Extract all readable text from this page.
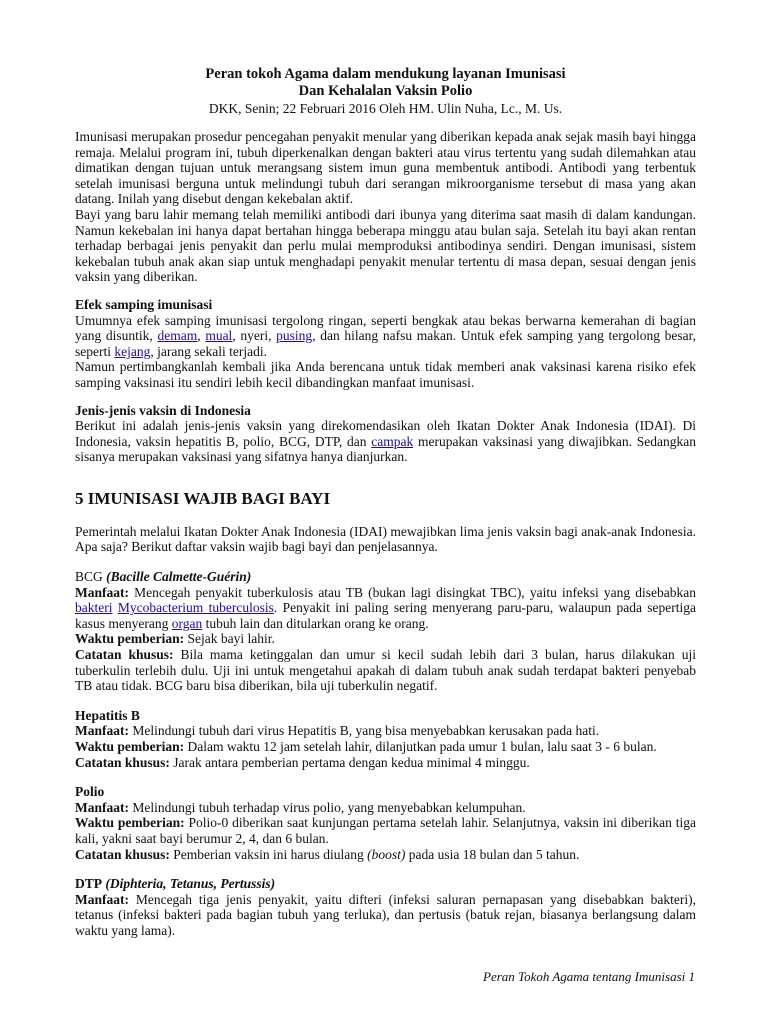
Peran tokoh Agama dalam mendukung layanan Imunisasi
Dan Kehalalan Vaksin Polio
DKK, Senin; 22 Februari 2016 Oleh HM. Ulin Nuha, Lc., M. Us.

Imunisasi merupakan prosedur pencegahan penyakit menular yang diberikan kepada anak sejak masih bayi hingga remaja. Melalui program ini, tubuh diperkenalkan dengan bakteri atau virus tertentu yang sudah dilemahkan atau dimatikan dengan tujuan untuk merangsang sistem imun guna membentuk antibodi. Antibodi yang terbentuk setelah imunisasi berguna untuk melindungi tubuh dari serangan mikroorganisme tersebut di masa yang akan datang. Inilah yang disebut dengan kekebalan aktif.

Bayi yang baru lahir memang telah memiliki antibodi dari ibunya yang diterima saat masih di dalam kandungan. Namun kekebalan ini hanya dapat bertahan hingga beberapa minggu atau bulan saja. Setelah itu bayi akan rentan terhadap berbagai jenis penyakit dan perlu mulai memproduksi antibodinya sendiri. Dengan imunisasi, sistem kekebalan tubuh anak akan siap untuk menghadapi penyakit menular tertentu di masa depan, sesuai dengan jenis vaksin yang diberikan.

Efek samping imunisasi

Umumnya efek samping imunisasi tergolong ringan, seperti bengkak atau bekas berwarna kemerahan di bagian yang disuntik, demam, mual, nyeri, pusing, dan hilang nafsu makan. Untuk efek samping yang tergolong besar, seperti kejang, jarang sekali terjadi.

Namun pertimbangkanlah kembali jika Anda berencana untuk tidak memberi anak vaksinasi karena risiko efek samping vaksinasi itu sendiri lebih kecil dibandingkan manfaat imunisasi.

Jenis-jenis vaksin di Indonesia

Berikut ini adalah jenis-jenis vaksin yang direkomendasikan oleh Ikatan Dokter Anak Indonesia (IDAI). Di Indonesia, vaksin hepatitis B, polio, BCG, DTP, dan campak merupakan vaksinasi yang diwajibkan. Sedangkan sisanya merupakan vaksinasi yang sifatnya hanya dianjurkan.

5 IMUNISASI WAJIB BAGI BAYI

Pemerintah melalui Ikatan Dokter Anak Indonesia (IDAI) mewajibkan lima jenis vaksin bagi anak-anak Indonesia. Apa saja? Berikut daftar vaksin wajib bagi bayi dan penjelasannya.

BCG (Bacille Calmette-Guérin)

Manfaat: Mencegah penyakit tuberkulosis atau TB (bukan lagi disingkat TBC), yaitu infeksi yang disebabkan bakteri Mycobacterium tuberculosis. Penyakit ini paling sering menyerang paru-paru, walaupun pada sepertiga kasus menyerang organ tubuh lain dan ditularkan orang ke orang.

Waktu pemberian: Sejak bayi lahir.

Catatan khusus: Bila mama ketinggalan dan umur si kecil sudah lebih dari 3 bulan, harus dilakukan uji tuberkulin terlebih dulu. Uji ini untuk mengetahui apakah di dalam tubuh anak sudah terdapat bakteri penyebab TB atau tidak. BCG baru bisa diberikan, bila uji tuberkulin negatif.

Hepatitis B

Manfaat: Melindungi tubuh dari virus Hepatitis B, yang bisa menyebabkan kerusakan pada hati.

Waktu pemberian: Dalam waktu 12 jam setelah lahir, dilanjutkan pada umur 1 bulan, lalu saat 3 - 6 bulan.

Catatan khusus: Jarak antara pemberian pertama dengan kedua minimal 4 minggu.

Polio

Manfaat: Melindungi tubuh terhadap virus polio, yang menyebabkan kelumpuhan.

Waktu pemberian: Polio-0 diberikan saat kunjungan pertama setelah lahir. Selanjutnya, vaksin ini diberikan tiga kali, yakni saat bayi berumur 2, 4, dan 6 bulan.

Catatan khusus: Pemberian vaksin ini harus diulang (boost) pada usia 18 bulan dan 5 tahun.

DTP (Diphteria, Tetanus, Pertussis)

Manfaat: Mencegah tiga jenis penyakit, yaitu difteri (infeksi saluran pernapasan yang disebabkan bakteri), tetanus (infeksi bakteri pada bagian tubuh yang terluka), dan pertusis (batuk rejan, biasanya berlangsung dalam waktu yang lama).

Peran Tokoh Agama tentang Imunisasi 1
